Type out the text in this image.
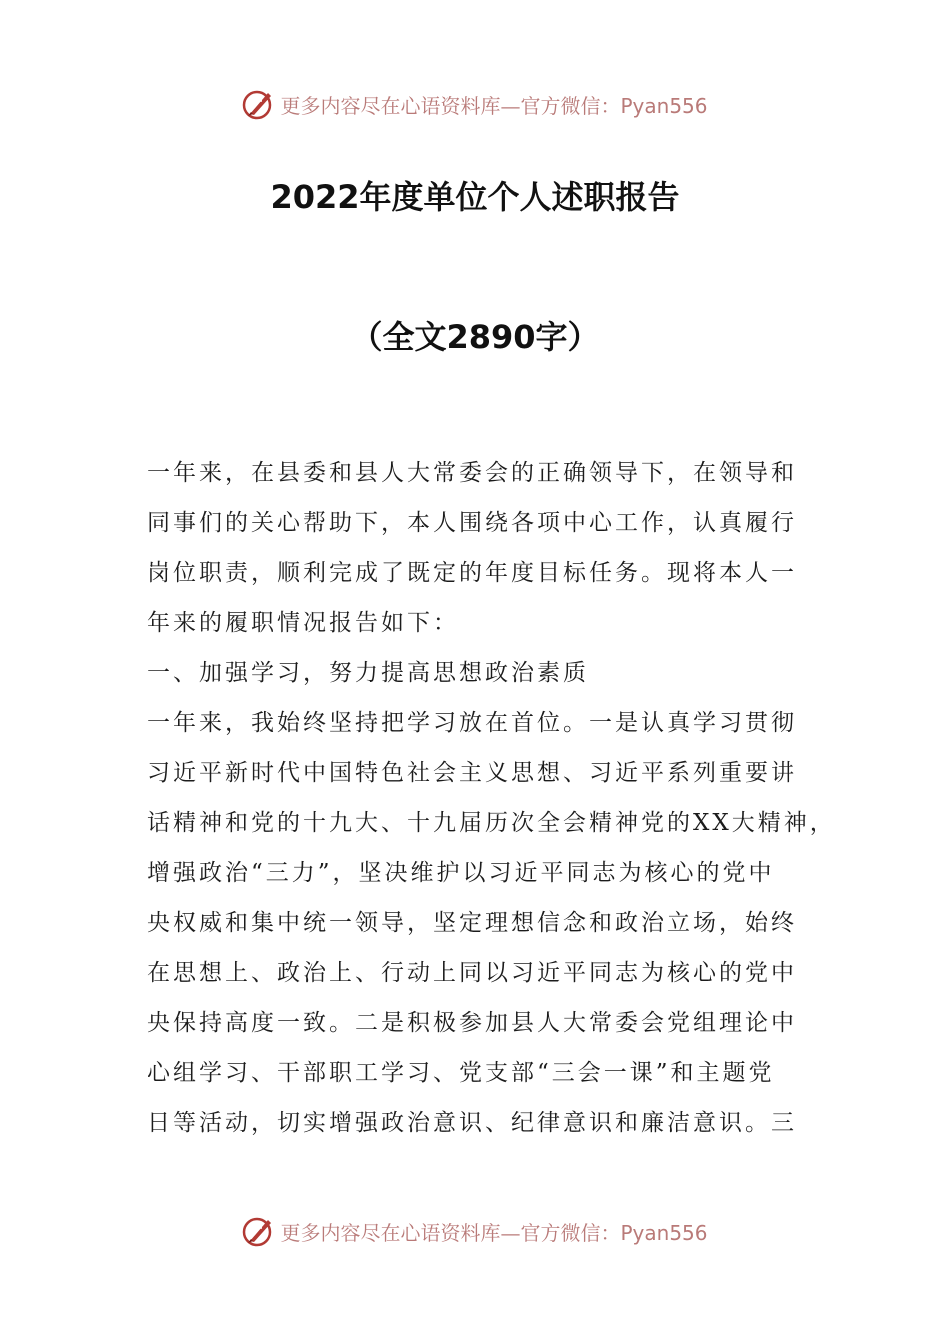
更多内容尽在心语资料库—官方微信：Pyan556
2022年度单位个人述职报告
（全文2890字）
一年来，在县委和县人大常委会的正确领导下，在领导和
同事们的关心帮助下，本人围绕各项中心工作，认真履行
岗位职责，顺利完成了既定的年度目标任务。现将本人一
年来的履职情况报告如下：
一、加强学习，努力提高思想政治素质
一年来，我始终坚持把学习放在首位。一是认真学习贯彻
习近平新时代中国特色社会主义思想、习近平系列重要讲
话精神和党的十九大、十九届历次全会精神党的XX大精神，
增强政治“三力”，坚决维护以习近平同志为核心的党中
央权威和集中统一领导，坚定理想信念和政治立场，始终
在思想上、政治上、行动上同以习近平同志为核心的党中
央保持高度一致。二是积极参加县人大常委会党组理论中
心组学习、干部职工学习、党支部“三会一课”和主题党
日等活动，切实增强政治意识、纪律意识和廉洁意识。三
更多内容尽在心语资料库—官方微信：Pyan556
